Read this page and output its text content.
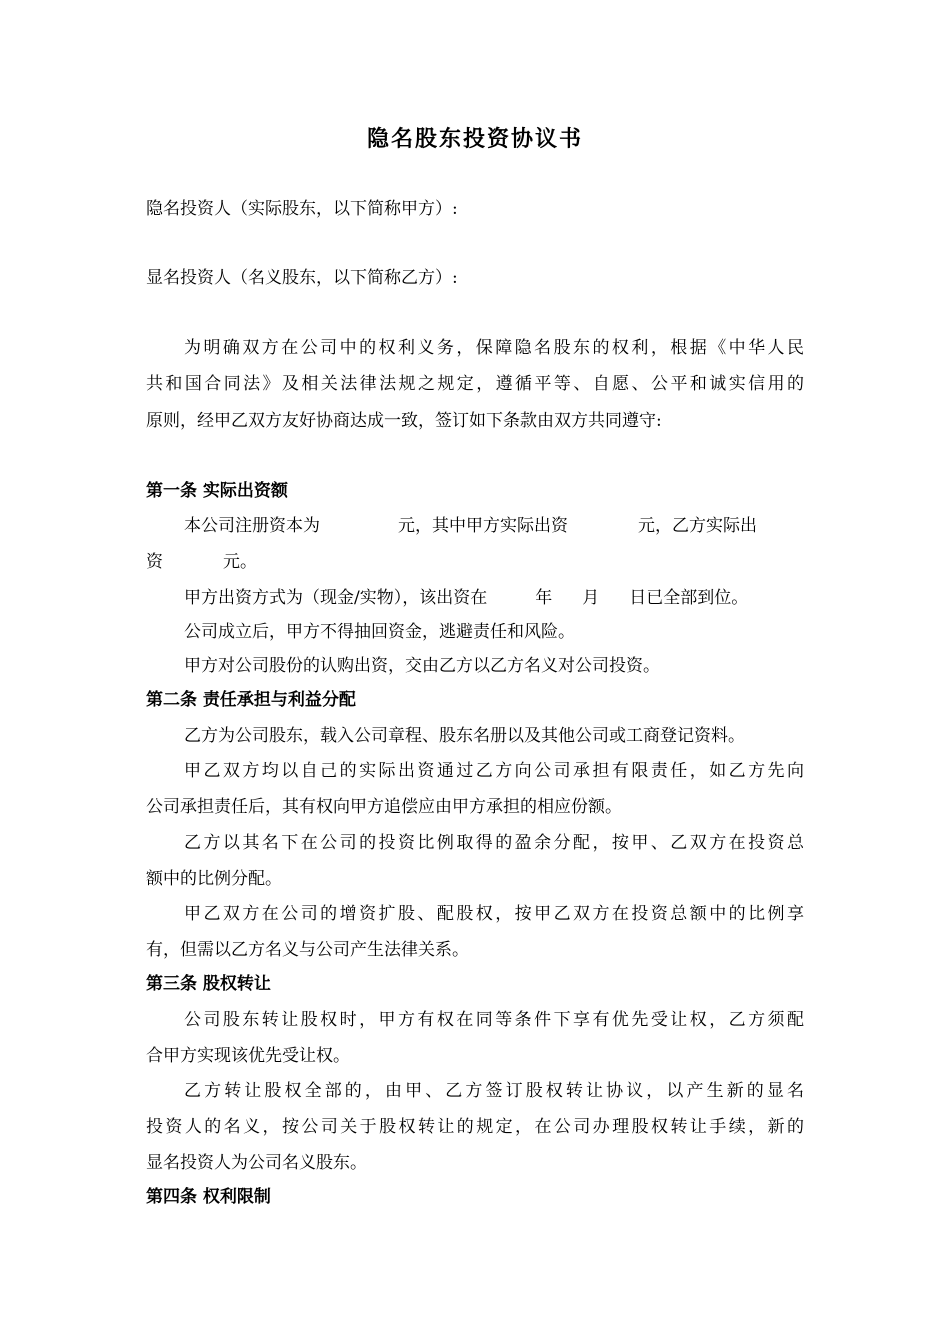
隐名股东投资协议书
隐名投资人（实际股东，以下简称甲方）:
显名投资人（名义股东，以下简称乙方）:
为明确双方在公司中的权利义务，保障隐名股东的权利，根据《中华人民
共和国合同法》及相关法律法规之规定，遵循平等、自愿、公平和诚实信用的
原则，经甲乙双方友好协商达成一致，签订如下条款由双方共同遵守:
第一条 实际出资额
本公司注册资本为	元，其中甲方实际出资	元，乙方实际出
资	元。
甲方出资方式为（现金/实物），该出资在	年 月 日已全部到位。
公司成立后，甲方不得抽回资金，逃避责任和风险。
甲方对公司股份的认购出资，交由乙方以乙方名义对公司投资。
第二条 责任承担与利益分配
乙方为公司股东，载入公司章程、股东名册以及其他公司或工商登记资料。
甲乙双方均以自己的实际出资通过乙方向公司承担有限责任，如乙方先向
公司承担责任后，其有权向甲方追偿应由甲方承担的相应份额。
乙方以其名下在公司的投资比例取得的盈余分配，按甲、乙双方在投资总
额中的比例分配。
甲乙双方在公司的增资扩股、配股权，按甲乙双方在投资总额中的比例享
有，但需以乙方名义与公司产生法律关系。
第三条 股权转让
公司股东转让股权时，甲方有权在同等条件下享有优先受让权，乙方须配
合甲方实现该优先受让权。
乙方转让股权全部的，由甲、乙方签订股权转让协议，以产生新的显名
投资人的名义，按公司关于股权转让的规定，在公司办理股权转让手续，新的
显名投资人为公司名义股东。
第四条 权利限制
